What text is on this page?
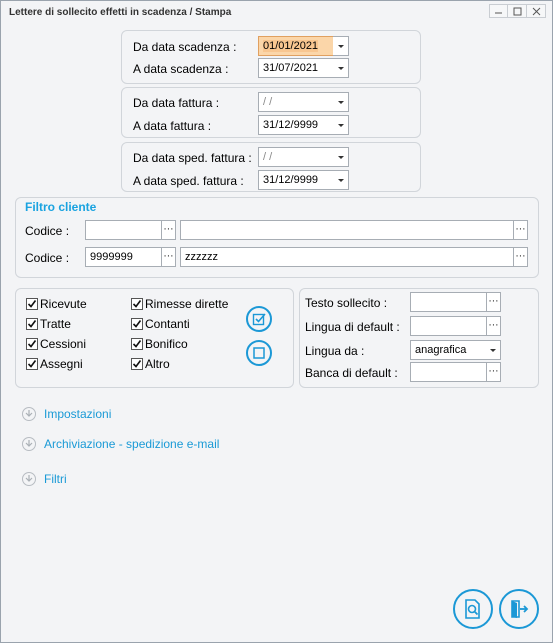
Lettere di sollecito effetti in scadenza / Stampa
Da data scadenza :	01/01/2021
A data scadenza :	31/07/2021
Da data fattura :	/ /
A data fattura :	31/12/9999
Da data sped. fattura :	/ /
A data sped. fattura :	31/12/9999
Filtro cliente
Codice :	⋯	⋯
Codice :	9999999	⋯	zzzzzz	⋯
Ricevute
Tratte
Cessioni
Assegni
Rimesse dirette
Contanti
Bonifico
Altro
Testo sollecito :	⋯
Lingua di default :	⋯
Lingua da :	anagrafica
Banca di default :	⋯
Impostazioni
Archiviazione - spedizione e-mail
Filtri
